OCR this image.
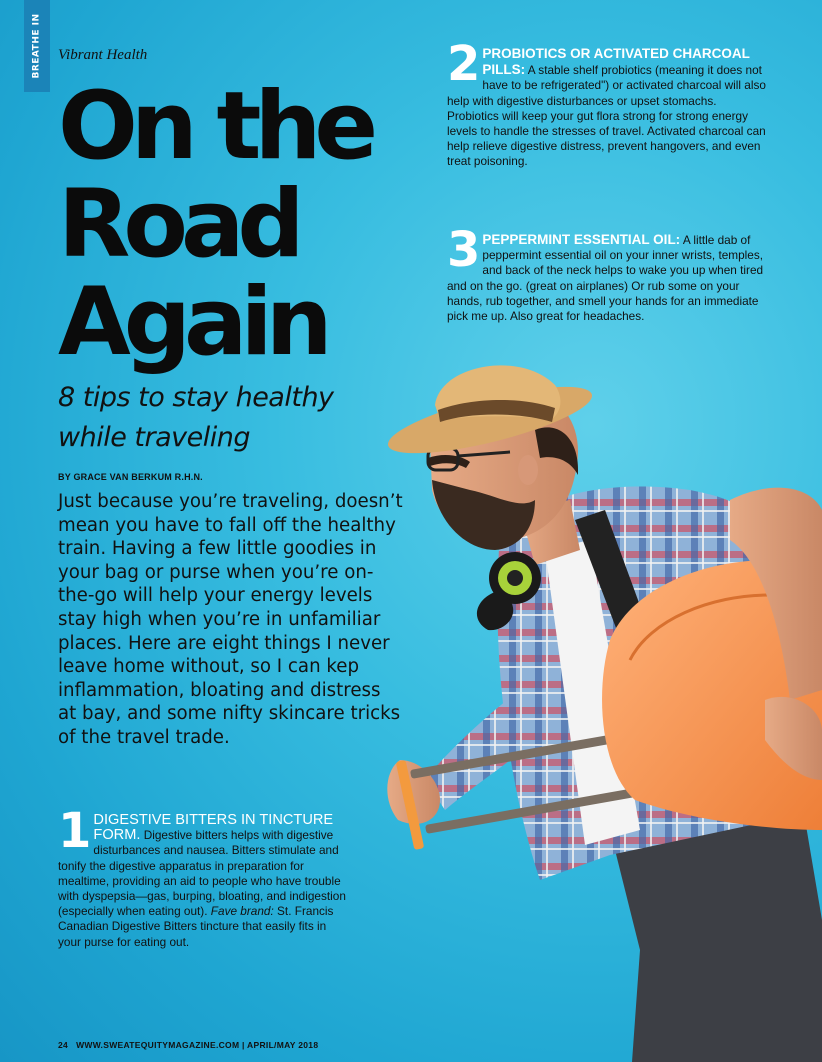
BREATHE IN Vibrant Health
On the
Road
Again
8 tips to stay healthy while traveling
BY GRACE VAN BERKUM R.H.N.
Just because you’re traveling, doesn’t mean you have to fall off the healthy train. Having a few little goodies in your bag or purse when you’re on-the-go will help your energy levels stay high when you’re in unfamiliar places. Here are eight things I never leave home without, so I can kep inflammation, bloating and distress at bay, and some nifty skincare tricks of the travel trade.
1 DIGESTIVE BITTERS IN TINCTURE FORM. Digestive bitters helps with digestive disturbances and nausea. Bitters stimulate and tonify the digestive apparatus in preparation for mealtime, providing an aid to people who have trouble with dyspepsia—gas, burping, bloating, and indigestion (especially when eating out). Fave brand: St. Francis Canadian Digestive Bitters tincture that easily fits in your purse for eating out.
2 PROBIOTICS OR ACTIVATED CHARCOAL PILLS: A stable shelf probiotics (meaning it does not have to be refrigerated") or activated charcoal will also help with digestive disturbances or upset stomachs. Probiotics will keep your gut flora strong for strong energy levels to handle the stresses of travel. Activated charcoal can help relieve digestive distress, prevent hangovers, and even treat poisoning.
3 PEPPERMINT ESSENTIAL OIL: A little dab of peppermint essential oil on your inner wrists, temples, and back of the neck helps to wake you up when tired and on the go. (great on airplanes) Or rub some on your hands, rub together, and smell your hands for an immediate pick me up. Also great for headaches.
24 WWW.SWEATEQUITYMAGAZINE.COM | APRIL/MAY 2018
